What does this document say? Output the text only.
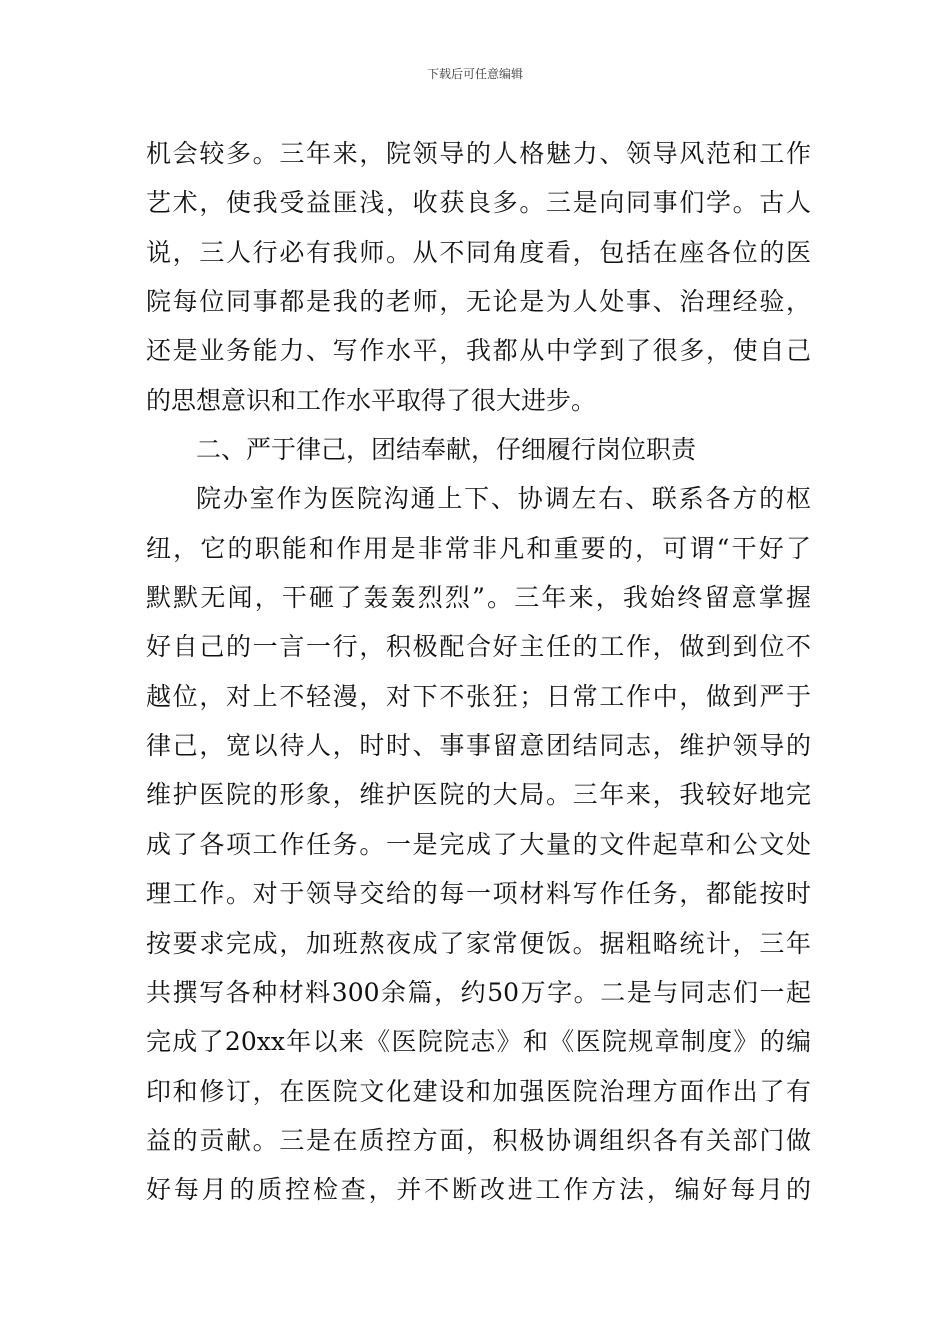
下载后可任意编辑
机会较多。三年来，院领导的人格魅力、领导风范和工作
艺术，使我受益匪浅，收获良多。三是向同事们学。古人
说，三人行必有我师。从不同角度看，包括在座各位的医
院每位同事都是我的老师，无论是为人处事、治理经验，
还是业务能力、写作水平，我都从中学到了很多，使自己
的思想意识和工作水平取得了很大进步。
二、严于律己，团结奉献，仔细履行岗位职责
院办室作为医院沟通上下、协调左右、联系各方的枢
纽，它的职能和作用是非常非凡和重要的，可谓“干好了
默默无闻，干砸了轰轰烈烈”。三年来，我始终留意掌握
好自己的一言一行，积极配合好主任的工作，做到到位不
越位，对上不轻漫，对下不张狂；日常工作中，做到严于
律己，宽以待人，时时、事事留意团结同志，维护领导的
维护医院的形象，维护医院的大局。三年来，我较好地完
成了各项工作任务。一是完成了大量的文件起草和公文处
理工作。对于领导交给的每一项材料写作任务，都能按时
按要求完成，加班熬夜成了家常便饭。据粗略统计，三年
共撰写各种材料300余篇，约50万字。二是与同志们一起
完成了20xx年以来《医院院志》和《医院规章制度》的编
印和修订，在医院文化建设和加强医院治理方面作出了有
益的贡献。三是在质控方面，积极协调组织各有关部门做
好每月的质控检查，并不断改进工作方法，编好每月的
